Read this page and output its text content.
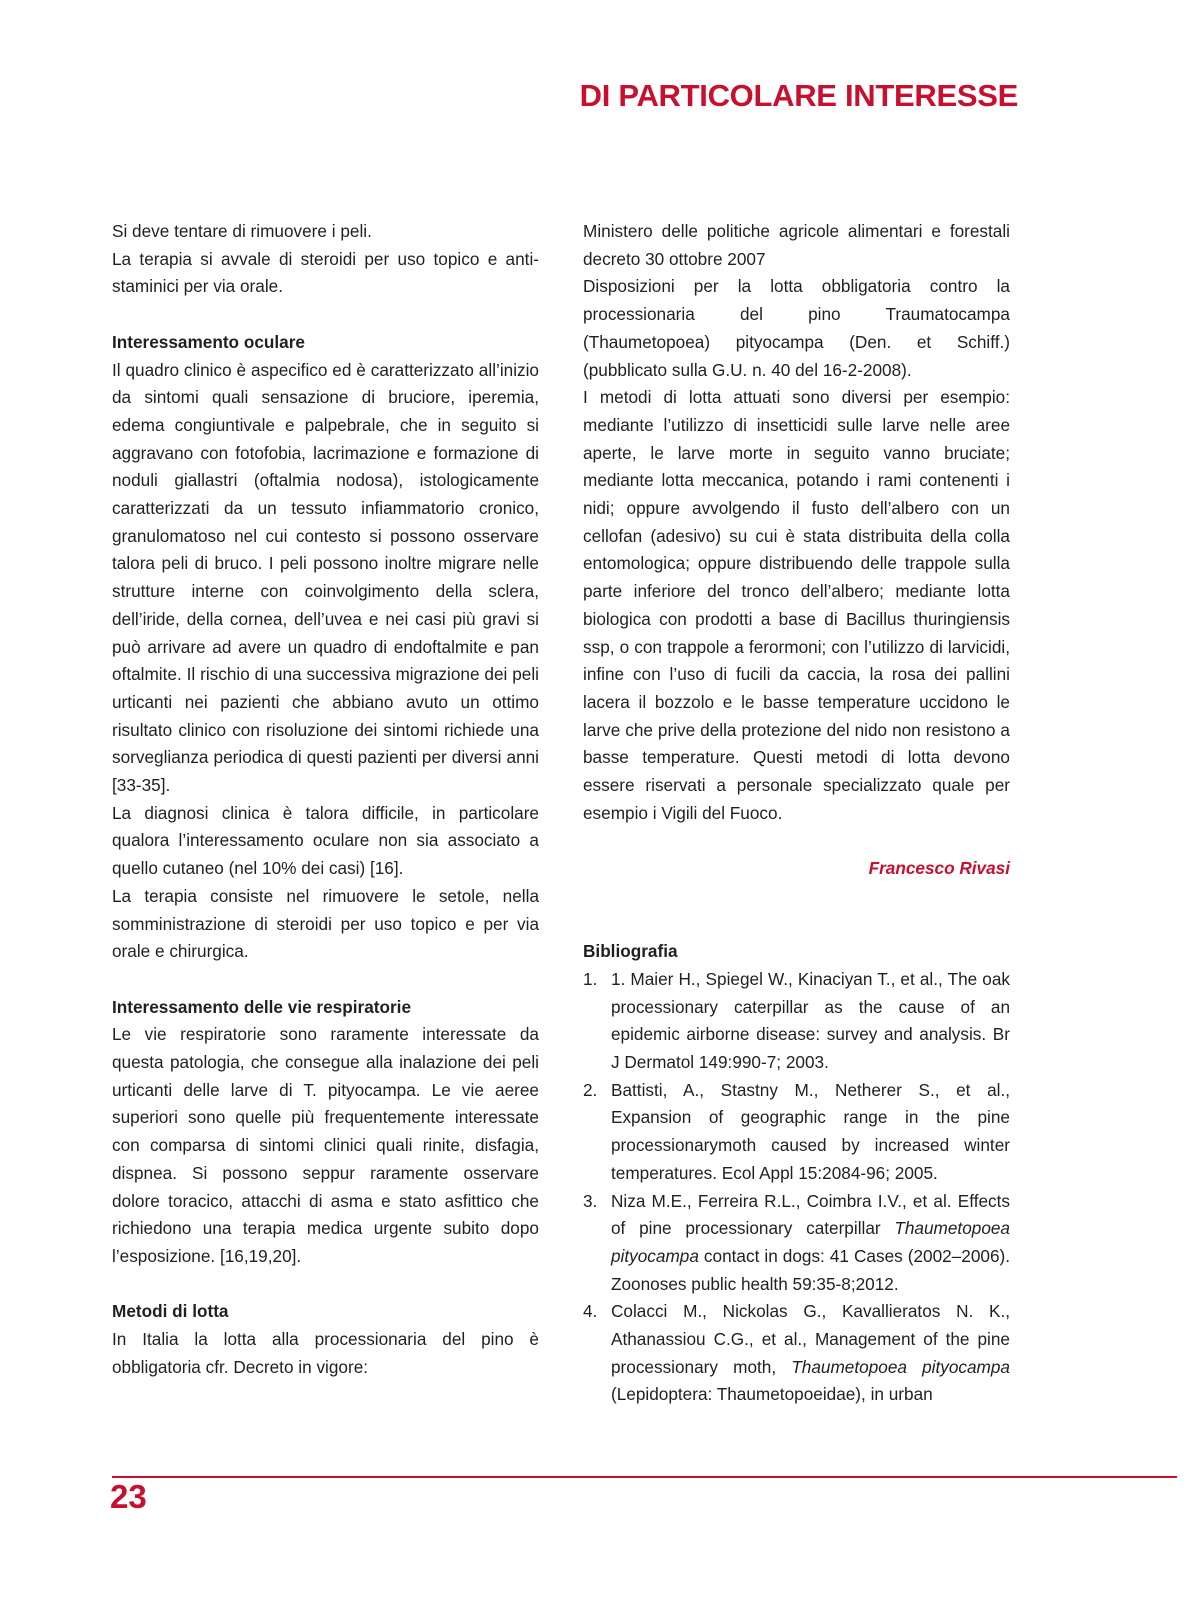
DI PARTICOLARE INTERESSE

Si deve tentare di rimuovere i peli.

La terapia si avvale di steroidi per uso topico e anti-staminici per via orale.

Interessamento oculare

Il quadro clinico è aspecifico ed è caratterizzato all’inizio da sintomi quali sensazione di bruciore, iperemia, edema congiuntivale e palpebrale, che in seguito si aggravano con fotofobia, lacrimazione e formazione di noduli giallastri (oftalmia nodosa), istologicamente caratterizzati da un tessuto infiammatorio cronico, granulomatoso nel cui contesto si possono osservare talora peli di bruco. I peli possono inoltre migrare nelle strutture interne con coinvolgimento della sclera, dell’iride, della cornea, dell’uvea e nei casi più gravi si può arrivare ad avere un quadro di endoftalmite e pan oftalmite. Il rischio di una successiva migrazione dei peli urticanti nei pazienti che abbiano avuto un ottimo risultato clinico con risoluzione dei sintomi richiede una sorveglianza periodica di questi pazienti per diversi anni [33-35].

La diagnosi clinica è talora difficile, in particolare qualora l’interessamento oculare non sia associato a quello cutaneo (nel 10% dei casi) [16].

La terapia consiste nel rimuovere le setole, nella somministrazione di steroidi per uso topico e per via orale e chirurgica.

Interessamento delle vie respiratorie

Le vie respiratorie sono raramente interessate da questa patologia, che consegue alla inalazione dei peli urticanti delle larve di T. pityocampa. Le vie aeree superiori sono quelle più frequentemente interessate con comparsa di sintomi clinici quali rinite, disfagia, dispnea. Si possono seppur raramente osservare dolore toracico, attacchi di asma e stato asfittico che richiedono una terapia medica urgente subito dopo l’esposizione. [16,19,20].

Metodi di lotta

In Italia la lotta alla processionaria del pino è obbligatoria cfr. Decreto in vigore:

Ministero delle politiche agricole alimentari e forestali decreto 30 ottobre 2007

Disposizioni per la lotta obbligatoria contro la processionaria del pino Traumatocampa (Thaumetopoea) pityocampa (Den. et Schiff.) (pubblicato sulla G.U. n. 40 del 16-2-2008).

I metodi di lotta attuati sono diversi per esempio: mediante l’utilizzo di insetticidi sulle larve nelle aree aperte, le larve morte in seguito vanno bruciate; mediante lotta meccanica, potando i rami contenenti i nidi; oppure avvolgendo il fusto dell’albero con un cellofan (adesivo) su cui è stata distribuita della colla entomologica; oppure distribuendo delle trappole sulla parte inferiore del tronco dell’albero; mediante lotta biologica con prodotti a base di Bacillus thuringiensis ssp, o con trappole a ferormoni; con l’utilizzo di larvicidi, infine con l’uso di fucili da caccia, la rosa dei pallini lacera il bozzolo e le basse temperature uccidono le larve che prive della protezione del nido non resistono a basse temperature. Questi metodi di lotta devono essere riservati a personale specializzato quale per esempio i Vigili del Fuoco.

Francesco Rivasi

Bibliografia

1. 1. Maier H., Spiegel W., Kinaciyan T., et al., The oak processionary caterpillar as the cause of an epidemic airborne disease: survey and analysis. Br J Dermatol 149:990-7; 2003.
2. Battisti, A., Stastny M., Netherer S., et al., Expansion of geographic range in the pine processionarymoth caused by increased winter temperatures. Ecol Appl 15:2084-96; 2005.
3. Niza M.E., Ferreira R.L., Coimbra I.V., et al. Effects of pine processionary caterpillar Thaumetopoea pityocampa contact in dogs: 41 Cases (2002–2006). Zoonoses public health 59:35-8;2012.
4. Colacci M., Nickolas G., Kavallieratos N. K., Athanassiou C.G., et al., Management of the pine processionary moth, Thaumetopoea pityocampa (Lepidoptera: Thaumetopoeidae), in urban
23
